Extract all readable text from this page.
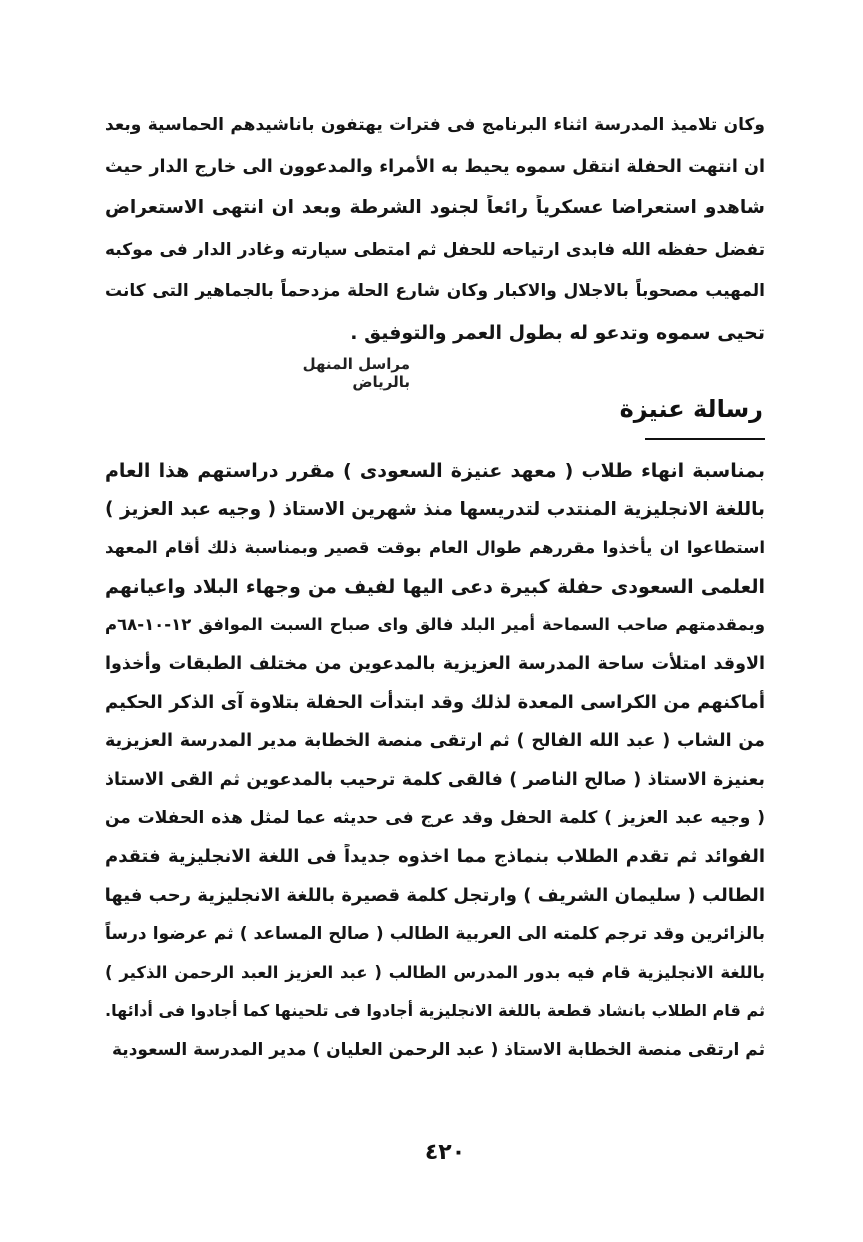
وكان تلاميذ المدرسة اثناء البرنامج فى فترات يهتفون باناشيدهم الحماسية وبعد
ان انتهت الحفلة انتقل سموه يحيط به الأمراء والمدعوون الى خارج الدار حيث
شاهدو استعراضا عسكرياً رائعاً لجنود الشرطة وبعد ان انتهى الاستعراض
تفضل حفظه الله فابدى ارتياحه للحفل ثم امتطى سيارته وغادر الدار فى موكبه
المهيب مصحوباً بالاجلال والاكبار وكان شارع الحلة مزدحماً بالجماهير التى كانت
تحيى سموه وتدعو له بطول العمر والتوفيق .
مراسل المنهل بالرياض
رسالة عنيزة
بمناسبة انهاء طلاب ( معهد عنيزة السعودى ) مقرر دراستهم هذا العام
باللغة الانجليزية المنتدب لتدريسها منذ شهرين الاستاذ ( وجيه عبد العزيز )
استطاعوا ان يأخذوا مقررهم طوال العام بوقت قصير وبمناسبة ذلك أقام المعهد
العلمى السعودى حفلة كبيرة دعى اليها لفيف من وجهاء البلاد واعيانهم
وبمقدمتهم صاحب السماحة أمير البلد فالق واى صباح السبت الموافق ١٢-١٠-٦٨م
الاوقد امتلأت ساحة المدرسة العزيزية بالمدعوين من مختلف الطبقات وأخذوا
أماكنهم من الكراسى المعدة لذلك وقد ابتدأت الحفلة بتلاوة آى الذكر الحكيم
من الشاب ( عبد الله الفالح ) ثم ارتقى منصة الخطابة مدير المدرسة العزيزية
بعنيزة الاستاذ ( صالح الناصر ) فالقى كلمة ترحيب بالمدعوين ثم القى الاستاذ
( وجيه عبد العزيز ) كلمة الحفل وقد عرج فى حديثه عما لمثل هذه الحفلات من
الفوائد ثم تقدم الطلاب بنماذج مما اخذوه جديداً فى اللغة الانجليزية فتقدم
الطالب ( سليمان الشريف ) وارتجل كلمة قصيرة باللغة الانجليزية رحب فيها
بالزائرين وقد ترجم كلمته الى العربية الطالب ( صالح المساعد ) ثم عرضوا درساً
باللغة الانجليزية قام فيه بدور المدرس الطالب ( عبد العزيز العبد الرحمن الذكير )
ثم قام الطلاب بانشاد قطعة باللغة الانجليزية أجادوا فى تلحينها كما أجادوا فى أدائها.
ثم ارتقى منصة الخطابة الاستاذ ( عبد الرحمن العليان ) مدير المدرسة السعودية
٤٢٠
